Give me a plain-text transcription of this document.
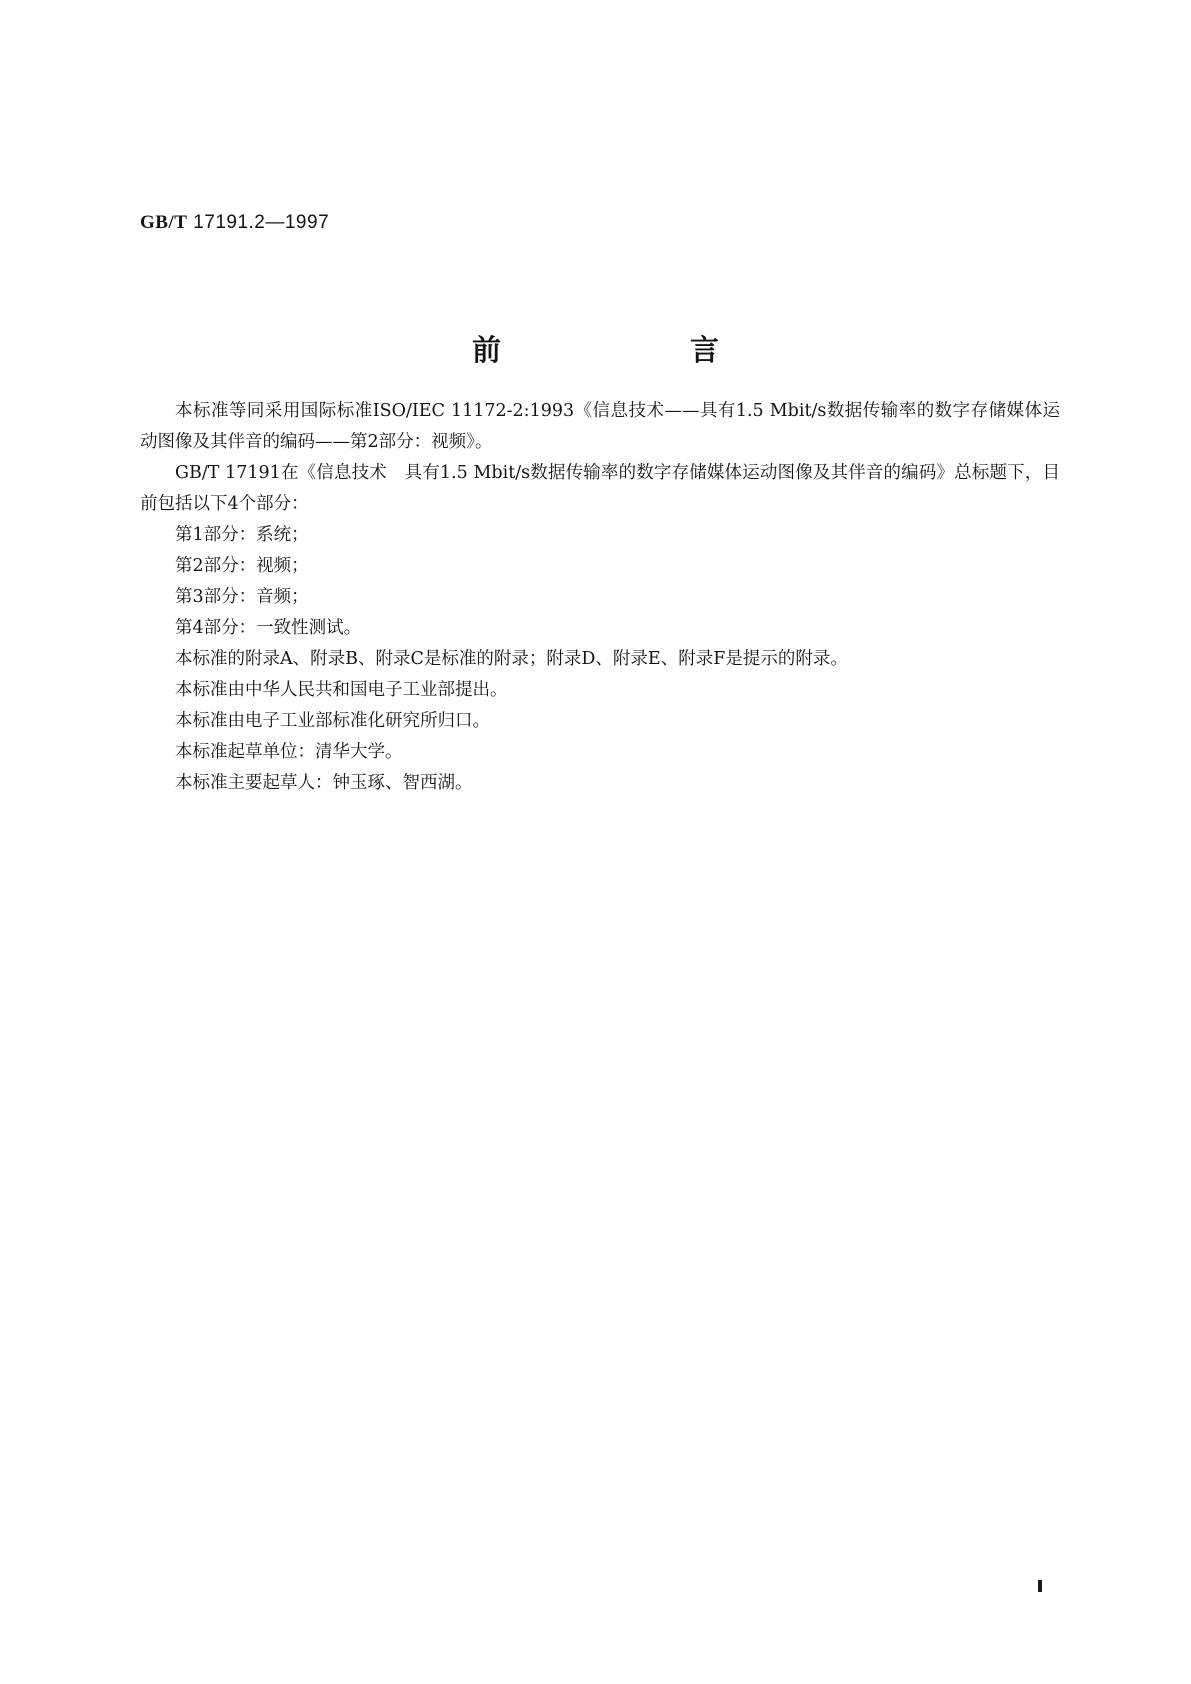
GB/T 17191.2—1997
前　言

本标准等同采用国际标准ISO/IEC 11172-2:1993《信息技术——具有1.5 Mbit/s数据传输率的数字存储媒体运动图像及其伴音的编码——第2部分：视频》。

GB/T 17191在《信息技术　具有1.5 Mbit/s数据传输率的数字存储媒体运动图像及其伴音的编码》总标题下，目前包括以下4个部分：

第1部分：系统；

第2部分：视频；

第3部分：音频；

第4部分：一致性测试。

本标准的附录A、附录B、附录C是标准的附录；附录D、附录E、附录F是提示的附录。

本标准由中华人民共和国电子工业部提出。

本标准由电子工业部标准化研究所归口。

本标准起草单位：清华大学。

本标准主要起草人：钟玉琢、智西湖。
